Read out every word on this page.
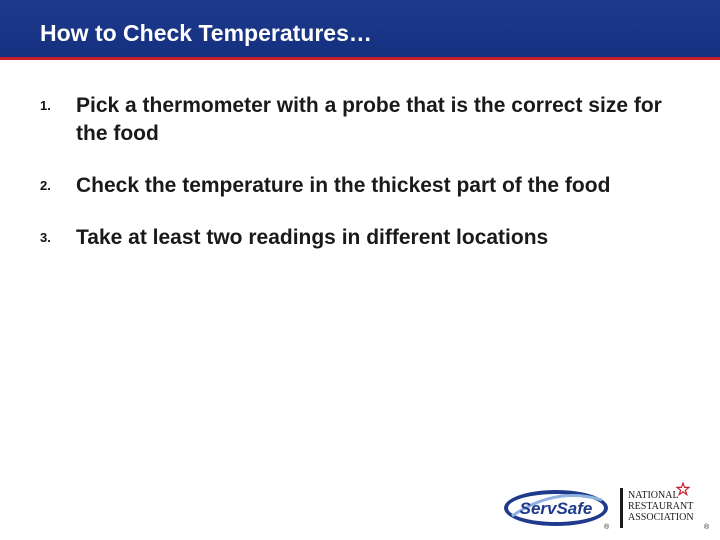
How to Check Temperatures…
1. Pick a thermometer with a probe that is the correct size for the food
2. Check the temperature in the thickest part of the food
3. Take at least two readings in different locations
ServSafe
®
NATIONAL
RESTAURANT
ASSOCIATION
®
